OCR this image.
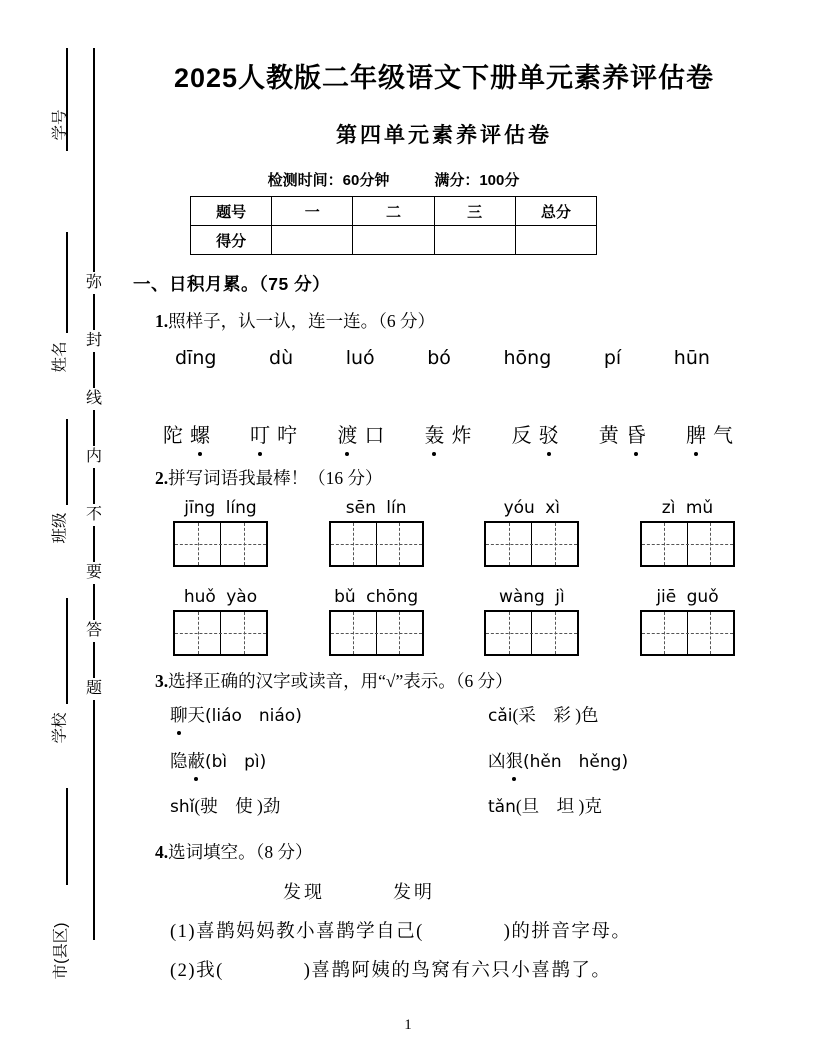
学号
姓名
班级
学校
市(县区)
弥
封
线
内
不
要
答
题
2025人教版二年级语文下册单元素养评估卷
第四单元素养评估卷
检测时间：60分钟	满分：100分
题号	一	二	三	总分
得分				
一、日积月累。（75 分）
1.照样子，认一认，连一连。（6 分）
dīng	dù	luó	bó	hōng	pí	hūn
陀 螺 叮 咛 渡 口 轰 炸 反 驳 黄 昏 脾 气
2.拼写词语我最棒！（16 分）
jīng líng	sēn lín	yóu xì	zì mǔ
huǒ yào	bǔ chōng	wàng jì	jiē guǒ
3.选择正确的汉字或读音，用“√”表示。（6 分）
聊天(liáo　niáo)	cǎi(采　彩 )色
隐蔽(bì　pì)	凶狠(hěn　hěng)
shǐ(驶　使 )劲	tǎn(旦　坦 )克
4.选词填空。（8 分）
发现	发明
(1)喜鹊妈妈教小喜鹊学自己(　　　　)的拼音字母。
(2)我(　　　　)喜鹊阿姨的鸟窝有六只小喜鹊了。
1
